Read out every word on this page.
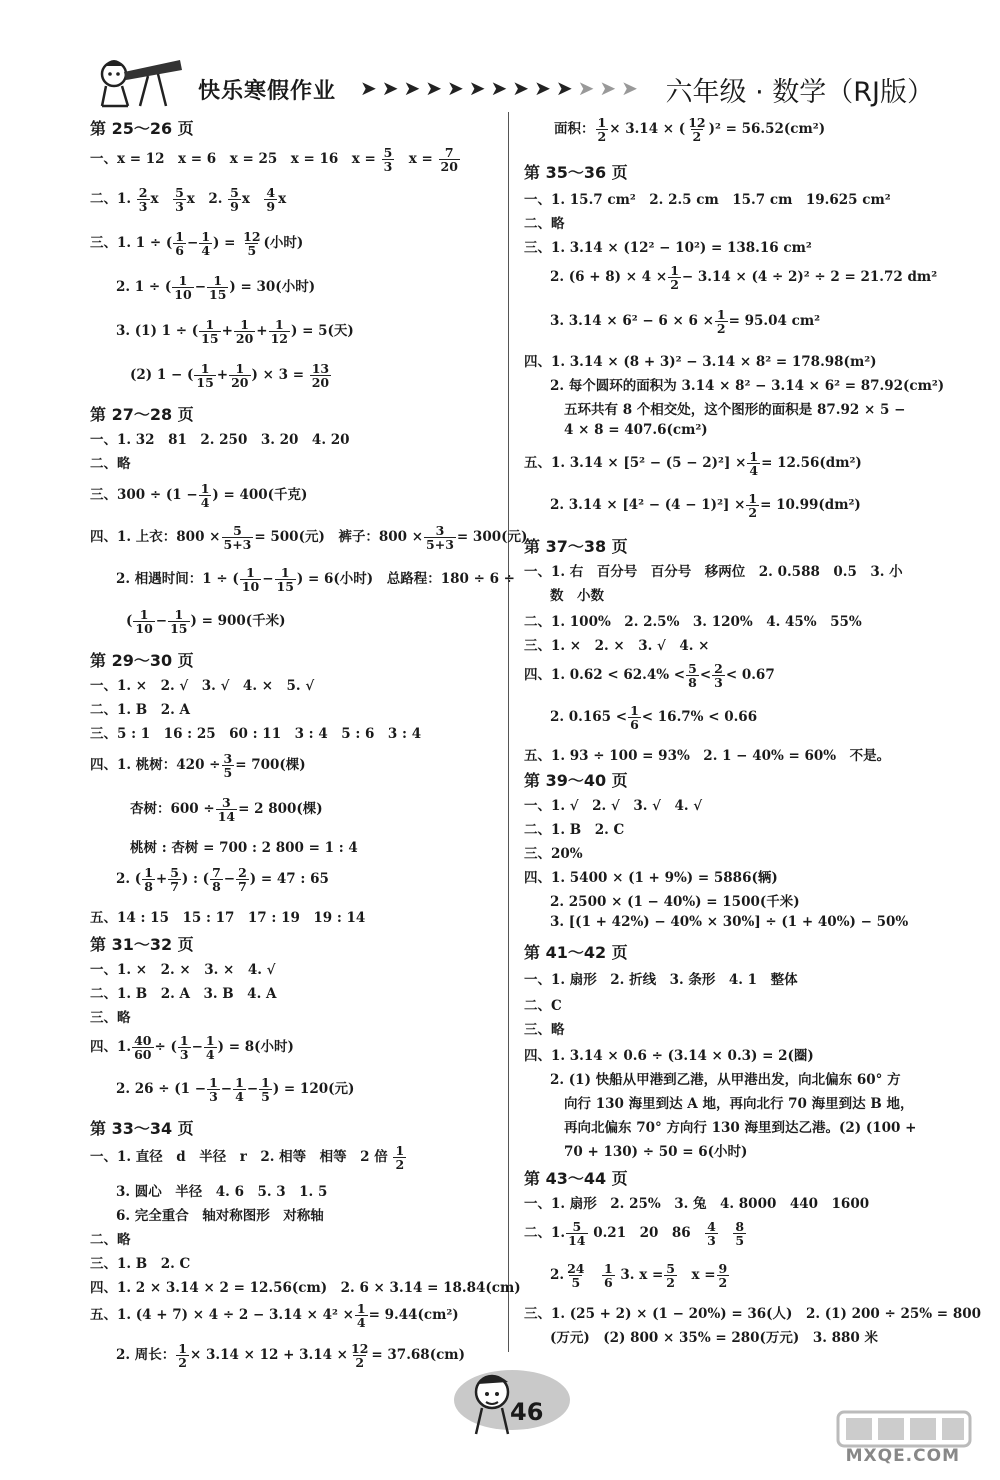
快乐寒假作业 ➤➤➤➤➤➤➤➤➤➤➤➤➤ 六年级 · 数学（RJ版）
第 25～26 页
一、x = 12　x = 6　x = 25　x = 16　$x = \frac{5}{3}$
　 $x = \frac{7}{20}$
二、1. $\frac{2}{3}$ x　 $\frac{5}{3}$ x　2. $\frac{5}{9}$ x　 $\frac{4}{9}$ x
三、1. 1 ÷ ( $\frac{1}{6} - \frac{1}{4}$ ) = $\frac{12}{5}$ (小时)
2. 1 ÷ ( $\frac{1}{10} - \frac{1}{15}$ ) = 30(小时)
3. (1) 1 ÷ ( $\frac{1}{15} + \frac{1}{20} + \frac{1}{12}$ ) = 5(天)
(2) 1 − ( $\frac{1}{15} + \frac{1}{20}$ ) × $3 = \frac{13}{20}$
第 27～28 页
一、1. 32　81　2. 250　3. 20　4. 20
二、略
三、$300 \div (1 - \frac{1}{4}$ ) = 400(千克)
四、1. 上衣：$800 \times \frac{5}{5+3} = 500$(元)　裤子：$800 \times \frac{3}{5+3} = 300$(元)
2. 相遇时间：1 ÷ ( $\frac{1}{10} - \frac{1}{15}$ ) = 6(小时)　总路程：180 ÷ 6 ÷
( $\frac{1}{10} - \frac{1}{15}$ ) = 900(千米)
第 29～30 页
一、1. ×　2. √　3. √　4. ×　5. √
二、1. B　2. A
三、5 : 1　16 : 25　60 : 11　3 : 4　5 : 6　3 : 4
四、1. 桃树：$420 \div \frac{3}{5} = 700$(棵)
杏树：$600 \div \frac{3}{14} = 2$ 800(棵)
桃树 : 杏树 = 700 : 2 800 = 1 : 4
2. ( $\frac{1}{8} + \frac{5}{7}$ ) : ( $\frac{7}{8} - \frac{2}{7}$ ) = 47 : 65
五、14 : 15　15 : 17　17 : 19　19 : 14
第 31～32 页
一、1. ×　2. ×　3. ×　4. √
二、1. B　2. A　3. B　4. A
三、略
四、1. $\frac{40}{60}$ ÷ ( $\frac{1}{3} - \frac{1}{4}$ ) = 8(小时)
2. $26 \div (1 - \frac{1}{3} - \frac{1}{4} - \frac{1}{5}$ ) = 120(元)
第 33～34 页
一、1. 直径　d　半径　r　2. 相等　相等　2 倍 $\frac{1}{2}$
3. 圆心　半径　4. 6　5. 3　1. 5
6. 完全重合　轴对称图形　对称轴
二、略
三、1. B　2. C
四、1. 2 × 3.14 × 2 = 12.56(cm)　2. 6 × 3.14 = 18.84(cm)
五、1. $(4 + 7) \times 4 \div 2 - 3.14 \times 4^2 \times \frac{1}{4} = 9.44(cm^2)$
2. 周长： $\frac{1}{2} \times 3.14 \times 12 + 3.14 \times \frac{12}{2} = 37.68(cm)$
面积： $\frac{1}{2} \times 3.14$ × ( $\frac{12}{2} )^2 = 56.52(cm^2)$
第 35～36 页
一、1. 15.7 cm²　2. 2.5 cm　15.7 cm　19.625 cm²
二、略
三、1. 3.14 × (12² − 10²) = 138.16 cm²
2. $(6 + 8) \times 4 \times \frac{1}{2} - 3.14 \times (4 \div 2)^2 \div 2 = 21.72$ dm²
3. $3.14 \times 6^2 - 6 \times 6 \times \frac{1}{2} = 95.04$ cm²
四、1. 3.14 × (8 + 3)² − 3.14 × 8² = 178.98(m²)
2. 每个圆环的面积为 3.14 × 8² − 3.14 × 6² = 87.92(cm²)
五环共有 8 个相交处，这个图形的面积是 87.92 × 5 −
4 × 8 = 407.6(cm²)
五、1. $3.14 \times [5^2 - (5 - 2)^2] \times \frac{1}{4} = 12.56(dm^2)$
2. $3.14 \times [4^2 - (4 - 1)^2] \times \frac{1}{2} = 10.99(dm^2)$
第 37～38 页
一、1. 右　百分号　百分号　移两位　2. 0.588　0.5　3. 小
数　小数
二、1. 100%　2. 2.5%　3. 120%　4. 45%　55%
三、1. ×　2. ×　3. √　4. ×
四、1. $0.62 < 62.4\% < \frac{5}{8} < \frac{2}{3} < 0.67$
2. $0.165 < \frac{1}{6} < 16.7\% < 0.66$
五、1. 93 ÷ 100 = 93%　2. 1 − 40% = 60%　不是。
第 39～40 页
一、1. √　2. √　3. √　4. √
二、1. B　2. C
三、20%
四、1. 5400 × (1 + 9%) = 5886(辆)
2. 2500 × (1 − 40%) = 1500(千米)
3. [(1 + 42%) − 40% × 30%] ÷ (1 + 40%) − 50%
第 41～42 页
一、1. 扇形　2. 折线　3. 条形　4. 1　整体
二、C
三、略
四、1. 3.14 × 0.6 ÷ (3.14 × 0.3) = 2(圈)
2. (1) 快船从甲港到乙港，从甲港出发，向北偏东 60° 方
向行 130 海里到达 A 地，再向北行 70 海里到达 B 地，
再向北偏东 70° 方向行 130 海里到达乙港。(2) (100 +
70 + 130) ÷ 50 = 6(小时)
第 43～44 页
一、1. 扇形　2. 25%　3. 兔　4. 8000　440　1600
二、1. $\frac{5}{14} 0.21$　20　86　 $\frac{4}{3}$
　 $\frac{8}{5}$
2. $\frac{24}{5}$
　 $\frac{1}{6} 3$. $x = \frac{5}{2}$
　 $x = \frac{9}{2}$
三、1. (25 + 2) × (1 − 20%) = 36(人)　2. (1) 200 ÷ 25% = 800
(万元)　(2) 800 × 35% = 280(万元)　3. 880 米
46
MXQE.COM
